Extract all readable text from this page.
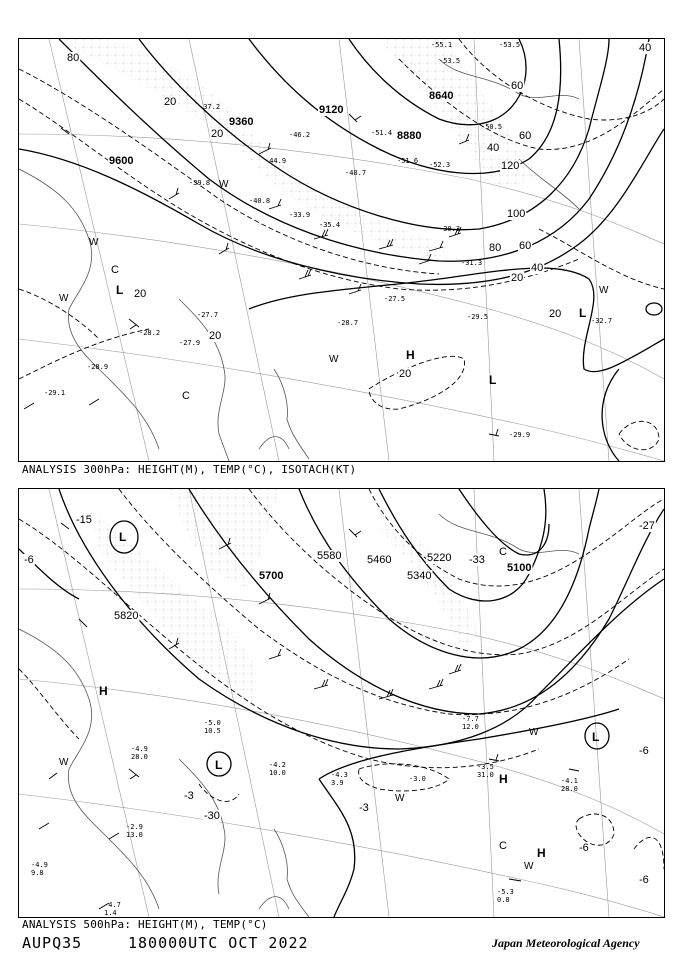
9600
9120
8640
8880
9360
80
20
20
40
120
60
100
80
60
40
20
20
20
20
40
60
20
L
H
L
L
C
C
W
W
W
W
W
-29.1
-28.2
-27.9
-29.5
-27.5
-28.7
-29.9
-32.7
-51.4
-53.5
-55.1
-52.3
-51.6
-48.7
-44.9
-46.2
-37.2
-39.8
-27.7
-28.9
-33.9
-35.4
-40.8
-50.5
-31.3
-30.3
-53.5
ANALYSIS 300hPa: HEIGHT(M), TEMP(°C), ISOTACH(KT)
5700
5580 5460	5220
5340
5100
5820
-15
-6
-3
-30
-27
-33
-6
-6
-3
-6
L
L
L
H
H
H
C
C
W
W
W
W
-3.5
31.0
-4.1
28.0
-5.3
0.8
-4.3
3.9
-4.2
10.0
-3.0
-7.7
12.0
-2.9
13.0
-4.7
1.4
-4.9
9.8
-5.0
10.5
-4.9
28.0
ANALYSIS 500hPa: HEIGHT(M), TEMP(°C)
AUPQ35	180000UTC OCT 2022	Japan Meteorological Agency
